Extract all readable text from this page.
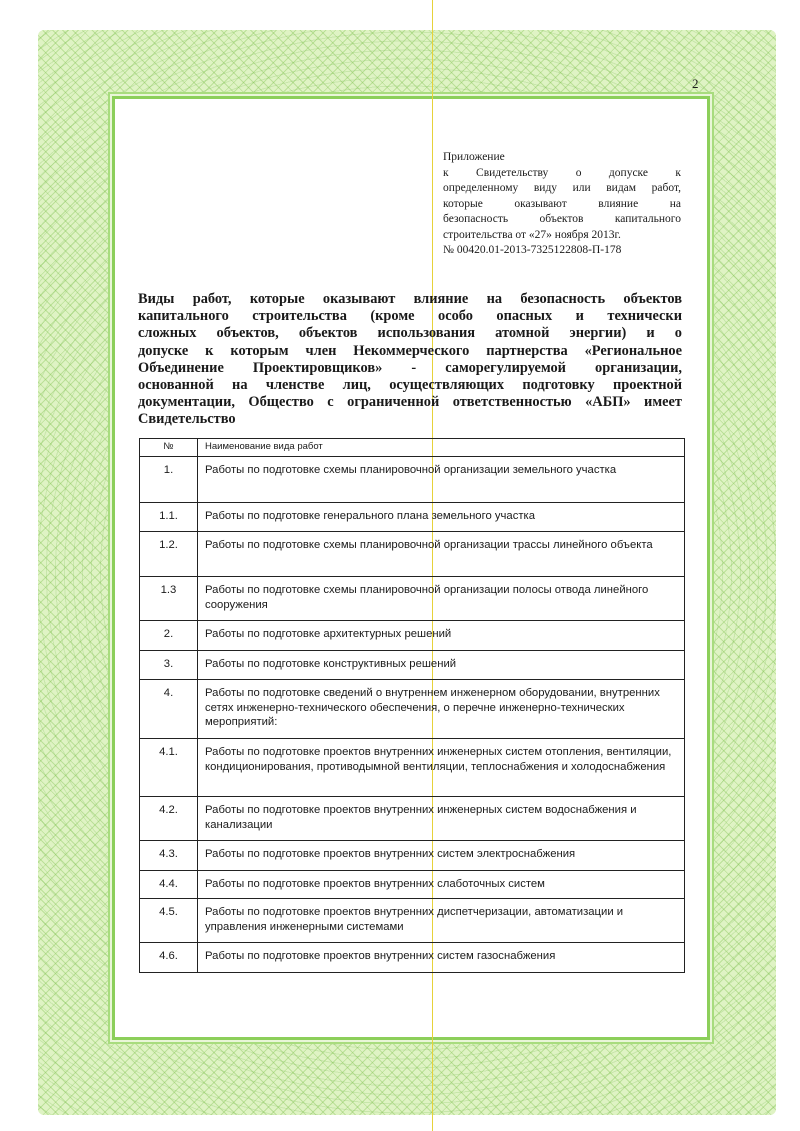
2
Приложение
к Свидетельству о допуске к
определенному виду или видам работ,
которые оказывают влияние на
безопасность объектов капитального
строительства от «27» ноября 2013г.
№ 00420.01-2013-7325122808-П-178
Виды работ, которые оказывают влияние на безопасность объектов
капитального строительства (кроме особо опасных и технически
сложных объектов, объектов использования атомной энергии) и о
допуске к которым член Некоммерческого партнерства «Региональное
Объединение Проектировщиков» - саморегулируемой организации,
основанной на членстве лиц, осуществляющих подготовку проектной
документации, Общество с ограниченной ответственностью «АБП» имеет
Свидетельство
№	Наименование вида работ
1.	Работы по подготовке схемы планировочной организации земельного участка
1.1.	Работы по подготовке генерального плана земельного участка
1.2.	Работы по подготовке схемы планировочной организации трассы линейного объекта
1.3	Работы по подготовке схемы планировочной организации полосы отвода линейного сооружения
2.	Работы по подготовке архитектурных решений
3.	Работы по подготовке конструктивных решений
4.	Работы по подготовке сведений о внутреннем инженерном оборудовании, внутренних сетях инженерно-технического обеспечения, о перечне инженерно-технических мероприятий:
4.1.	Работы по подготовке проектов внутренних инженерных систем отопления, вентиляции, кондиционирования, противодымной вентиляции, теплоснабжения и холодоснабжения
4.2.	Работы по подготовке проектов внутренних инженерных систем водоснабжения и канализации
4.3.	Работы по подготовке проектов внутренних систем электроснабжения
4.4.	Работы по подготовке проектов внутренних слаботочных систем
4.5.	Работы по подготовке проектов внутренних диспетчеризации, автоматизации и управления инженерными системами
4.6.	Работы по подготовке проектов внутренних систем газоснабжения
